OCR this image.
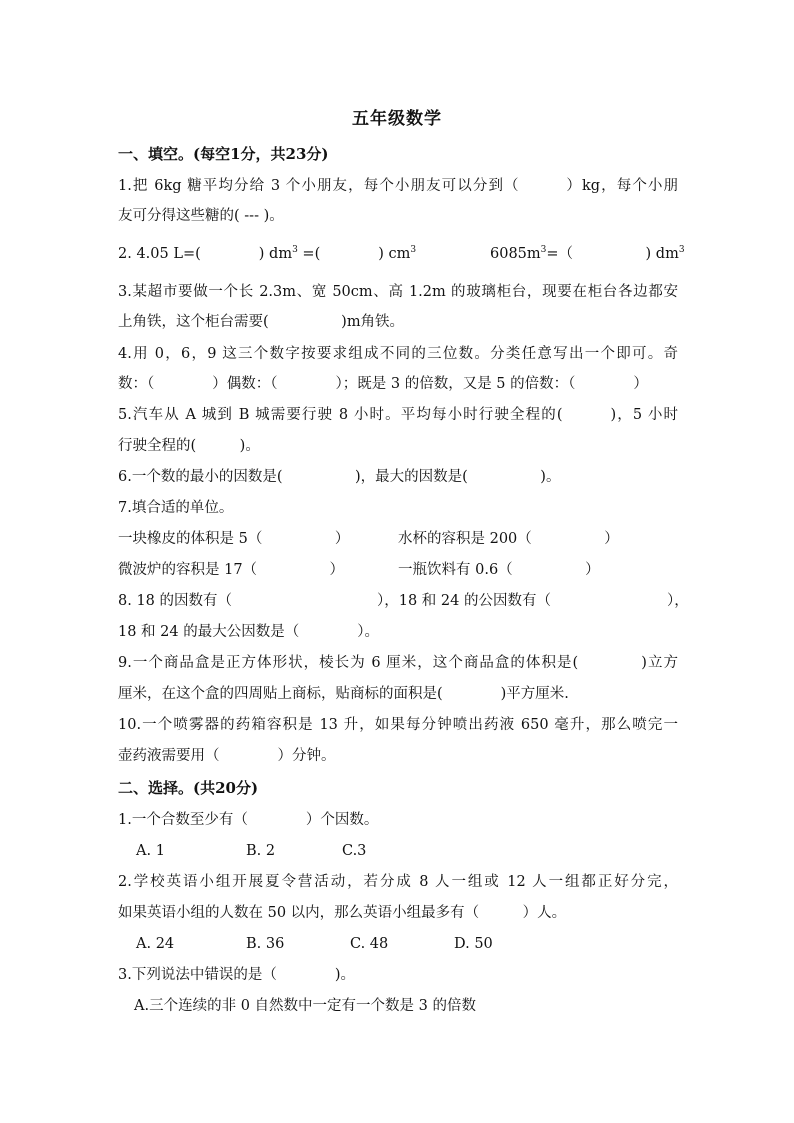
五年级数学
一、填空。(每空1分，共23分)
1.把 6kg 糖平均分给 3 个小朋友，每个小朋友可以分到（　　　）kg，每个小朋
友可分得这些糖的( --- )。
2. 4.05 L=(　　　　) $dm^3$ =(　　　　) $cm^3$	$6085m^3=$（　　　　　) $dm^3$
3.某超市要做一个长 2.3m、宽 50cm、高 1.2m 的玻璃柜台，现要在柜台各边都安
上角铁，这个柜台需要(　　　　　)m角铁。
4.用 0，6，9 这三个数字按要求组成不同的三位数。分类任意写出一个即可。奇
数：（　　　　）偶数：（　　　　）；既是 3 的倍数，又是 5 的倍数：（　　　　）
5.汽车从 A 城到 B 城需要行驶 8 小时。平均每小时行驶全程的(　　　)，5 小时
行驶全程的(　　　)。
6.一个数的最小的因数是(　　　　　)，最大的因数是(　　　　　)。
7.填合适的单位。
一块橡皮的体积是 5（　　　　　）	水杯的容积是 200（　　　　　）
微波炉的容积是 17（　　　　　）	一瓶饮料有 0.6（　　　　　）
8. 18 的因数有（　　　　　　　　　　），18 和 24 的公因数有（　　　　　　　　），
18 和 24 的最大公因数是（　　　　）。
9.一个商品盒是正方体形状，棱长为 6 厘米，这个商品盒的体积是(　　　　)立方
厘米，在这个盒的四周贴上商标，贴商标的面积是(　　　　)平方厘米.
10.一个喷雾器的药箱容积是 13 升，如果每分钟喷出药液 650 毫升，那么喷完一
壶药液需要用（　　　　）分钟。
二、选择。(共20分)
1.一个合数至少有（　　　　）个因数。
A. 1	B. 2	C.3
2.学校英语小组开展夏令营活动，若分成 8 人一组或 12 人一组都正好分完，
如果英语小组的人数在 50 以内，那么英语小组最多有（　　　）人。
A. 24	B. 36	C. 48	D. 50
3.下列说法中错误的是（　　　　)。
A.三个连续的非 0 自然数中一定有一个数是 3 的倍数
